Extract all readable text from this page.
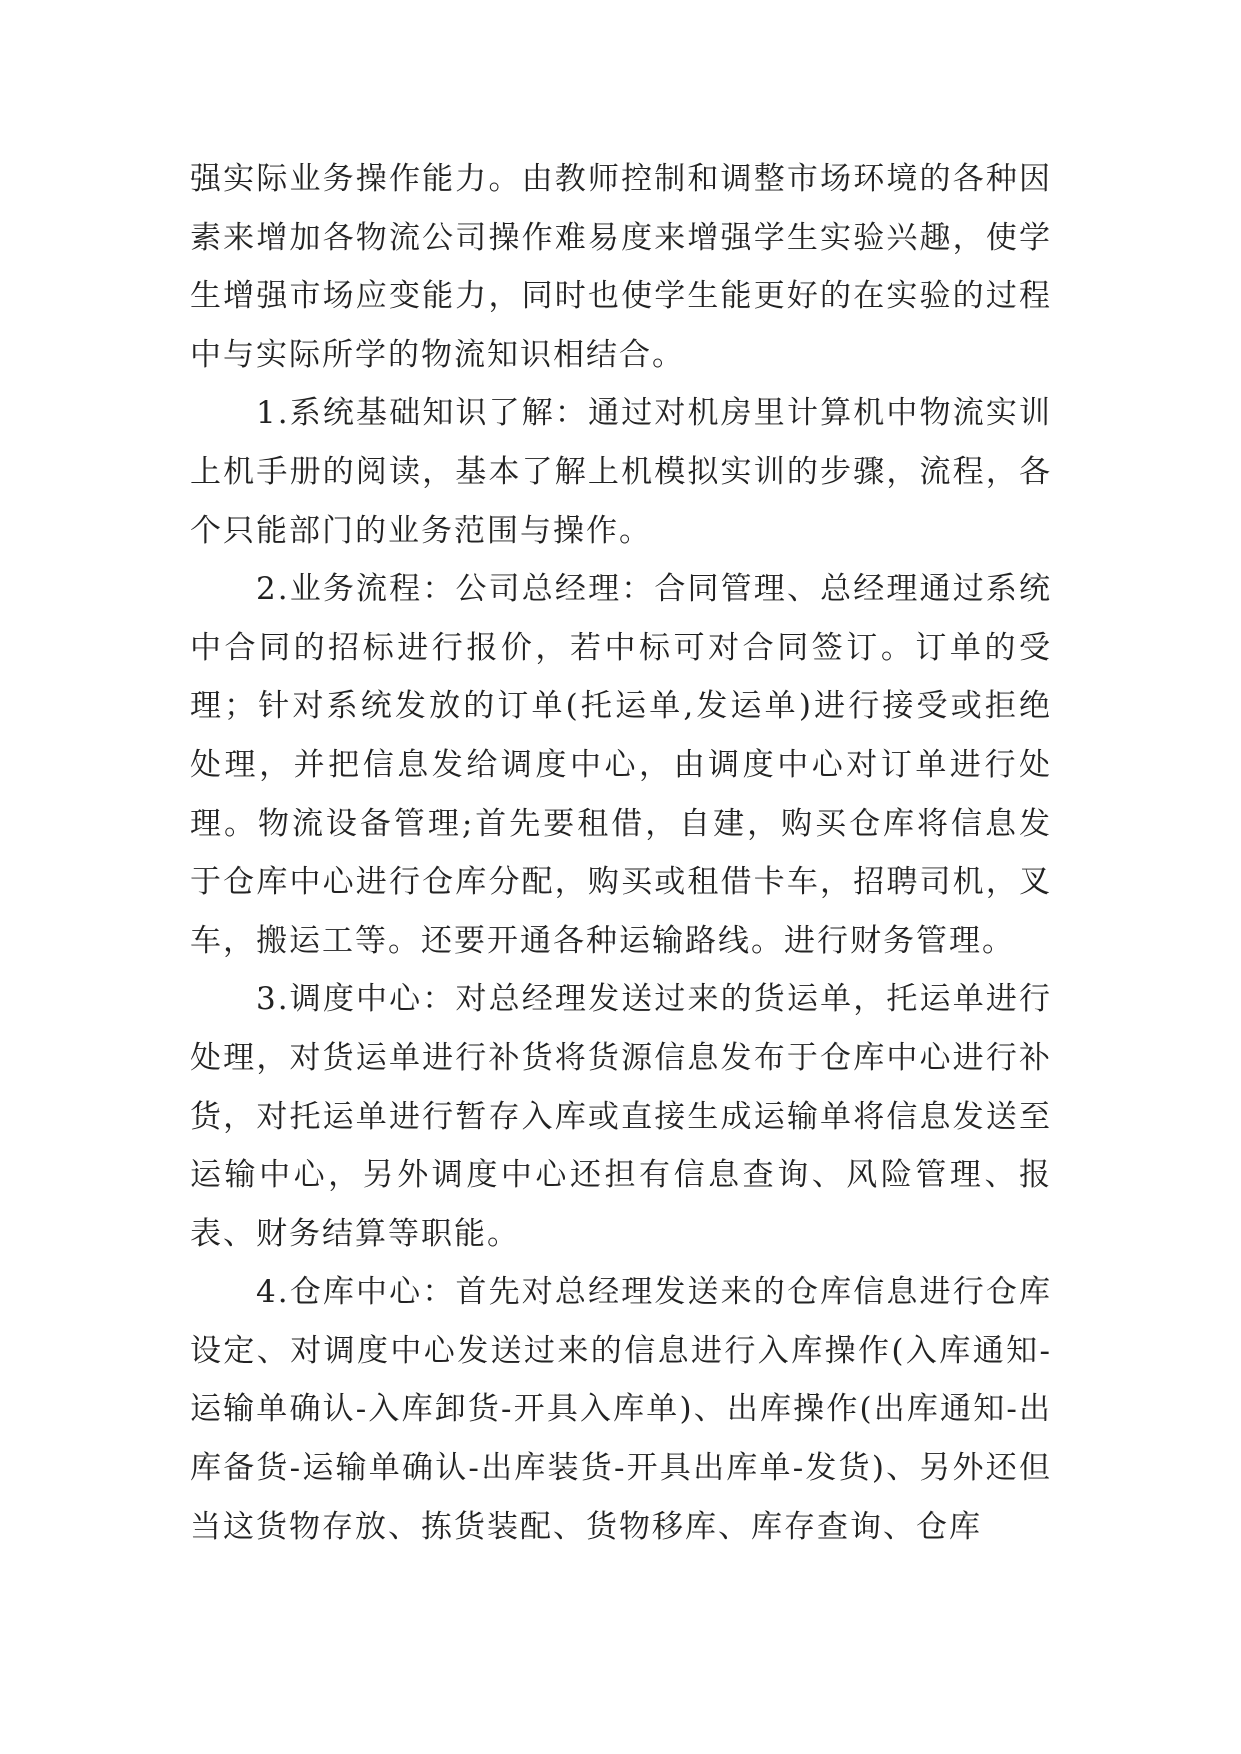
强实际业务操作能力。由教师控制和调整市场环境的各种因素来增加各物流公司操作难易度来增强学生实验兴趣，使学生增强市场应变能力，同时也使学生能更好的在实验的过程中与实际所学的物流知识相结合。

1.系统基础知识了解：通过对机房里计算机中物流实训上机手册的阅读，基本了解上机模拟实训的步骤，流程，各个只能部门的业务范围与操作。

2.业务流程：公司总经理：合同管理、总经理通过系统中合同的招标进行报价，若中标可对合同签订。订单的受理；针对系统发放的订单(托运单,发运单)进行接受或拒绝处理，并把信息发给调度中心，由调度中心对订单进行处理。物流设备管理;首先要租借，自建，购买仓库将信息发于仓库中心进行仓库分配，购买或租借卡车，招聘司机，叉车，搬运工等。还要开通各种运输路线。进行财务管理。

3.调度中心：对总经理发送过来的货运单，托运单进行处理，对货运单进行补货将货源信息发布于仓库中心进行补货，对托运单进行暂存入库或直接生成运输单将信息发送至运输中心，另外调度中心还担有信息查询、风险管理、报表、财务结算等职能。

4.仓库中心：首先对总经理发送来的仓库信息进行仓库设定、对调度中心发送过来的信息进行入库操作(入库通知-运输单确认-入库卸货-开具入库单)、出库操作(出库通知-出库备货-运输单确认-出库装货-开具出库单-发货)、另外还但当这货物存放、拣货装配、货物移库、库存查询、仓库
